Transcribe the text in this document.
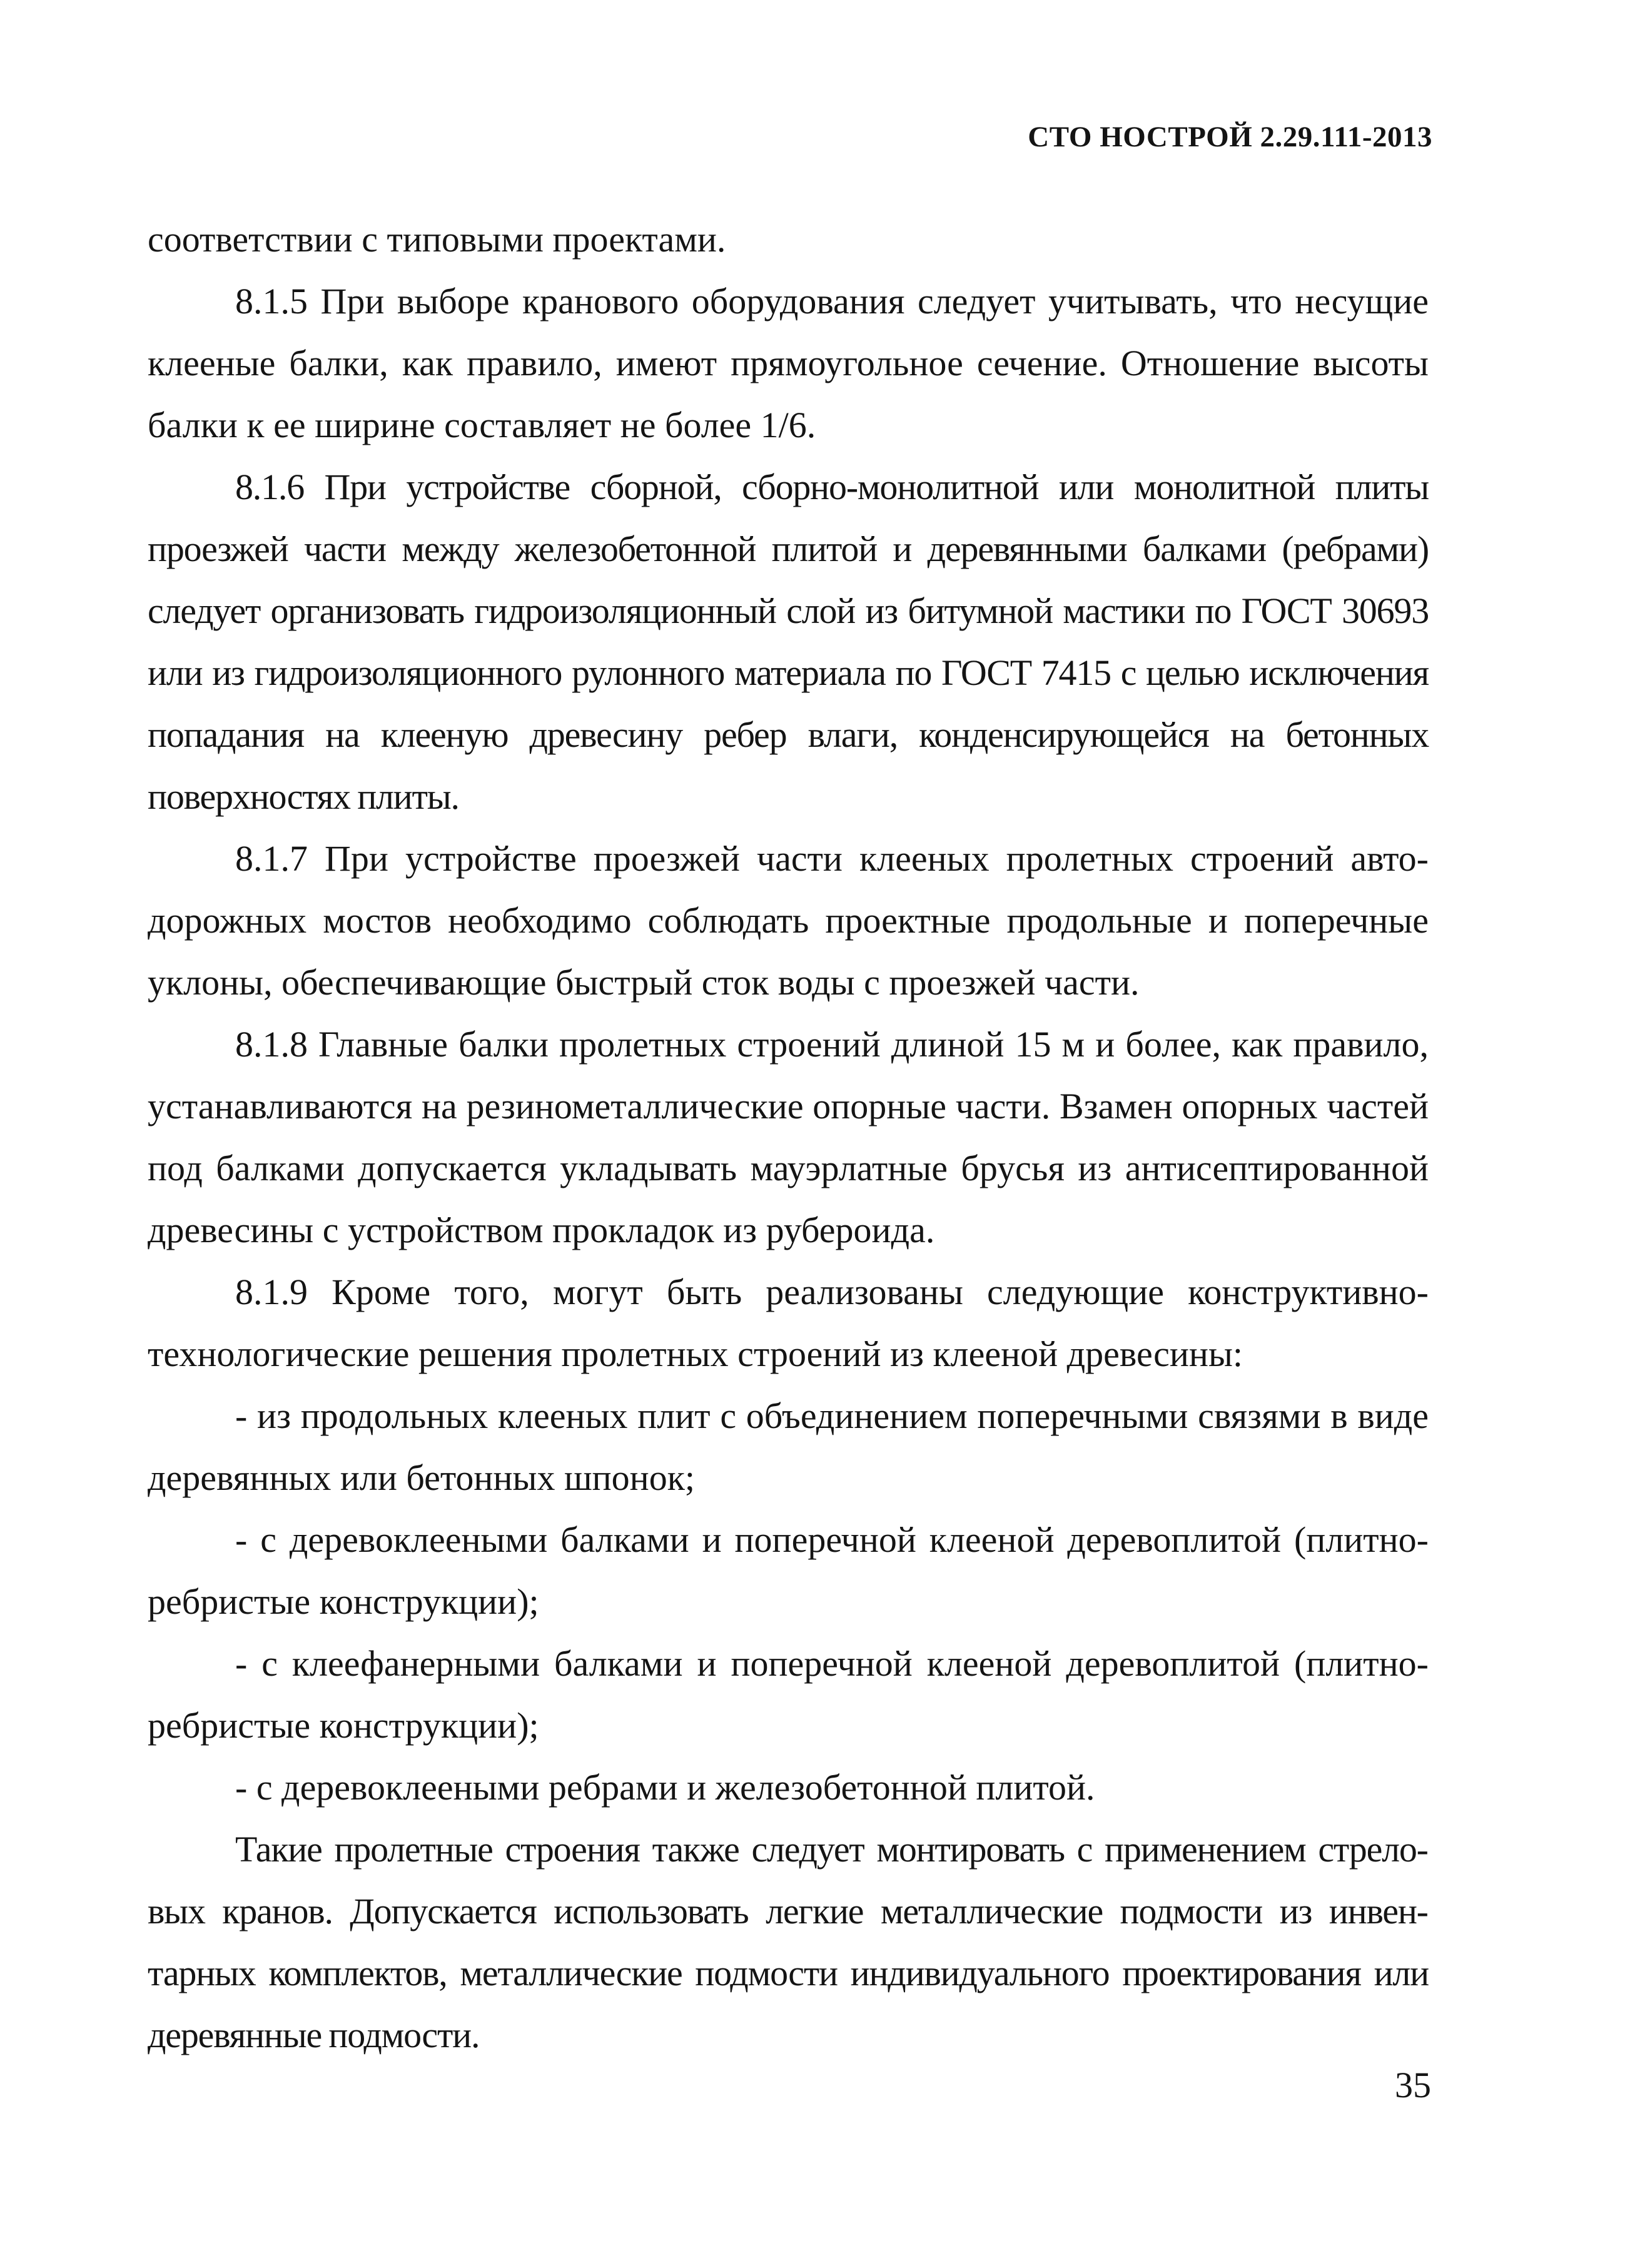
СТО НОСТРОЙ 2.29.111-2013

соответствии с типовыми проектами.

8.1.5 При выборе кранового оборудования следует учитывать, что несущие клееные балки, как правило, имеют прямоугольное сечение. Отношение высоты балки к ее ширине составляет не более 1/6.

8.1.6 При устройстве сборной, сборно-монолитной или монолитной плиты проезжей части между железобетонной плитой и деревянными балками (ребрами) следует организовать гидроизоляционный слой из битумной мастики по ГОСТ 30693 или из гидроизоляционного рулонного материала по ГОСТ 7415 с целью исключения попадания на клееную древесину ребер влаги, конденсирующейся на бетонных поверхностях плиты.

8.1.7 При устройстве проезжей части клееных пролетных строений автодорожных мостов необходимо соблюдать проектные продольные и поперечные уклоны, обеспечивающие быстрый сток воды с проезжей части.

8.1.8 Главные балки пролетных строений длиной 15 м и более, как правило, устанавливаются на резинометаллические опорные части. Взамен опорных частей под балками допускается укладывать мауэрлатные брусья из антисептированной древесины с устройством прокладок из рубероида.

8.1.9 Кроме того, могут быть реализованы следующие конструктивно-технологические решения пролетных строений из клееной древесины:

- из продольных клееных плит с объединением поперечными связями в виде деревянных или бетонных шпонок;

- с деревоклееными балками и поперечной клееной деревоплитой (плитно-ребристые конструкции);

- с клеефанерными балками и поперечной клееной деревоплитой (плитно-ребристые конструкции);

- с деревоклееными ребрами и железобетонной плитой.

Такие пролетные строения также следует монтировать с применением стреловых кранов. Допускается использовать легкие металлические подмости из инвентарных комплектов, металлические подмости индивидуального проектирования или деревянные подмости.

35
